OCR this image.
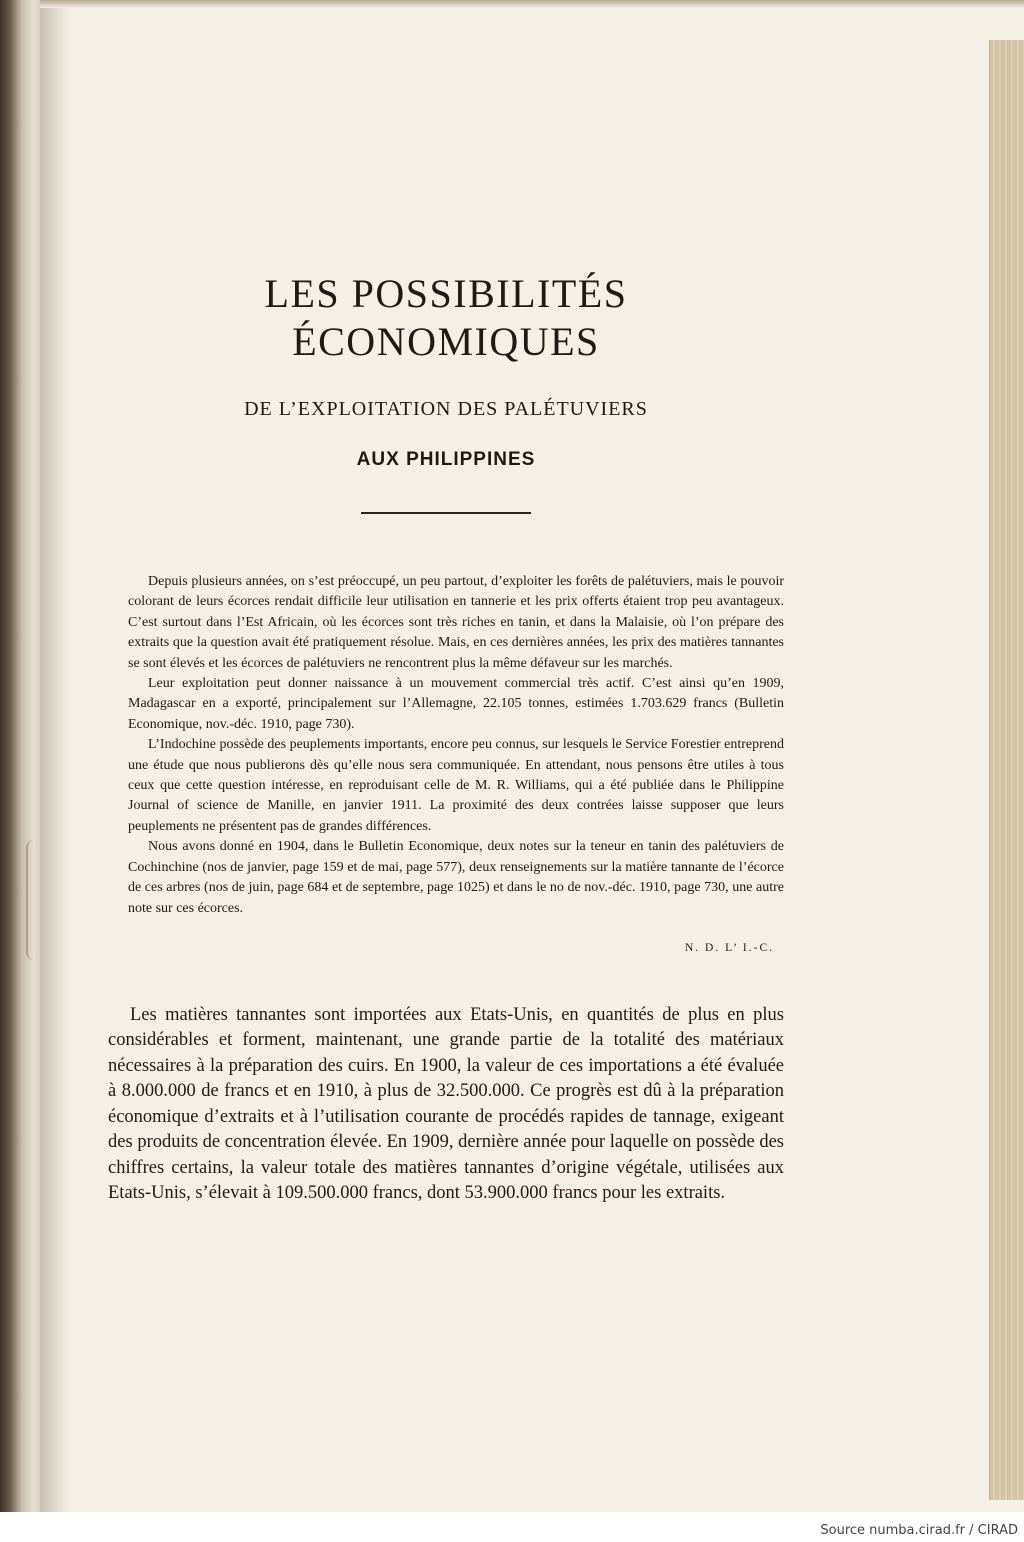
LES POSSIBILITÉS ÉCONOMIQUES
DE L’EXPLOITATION DES PALÉTUVIERS
AUX PHILIPPINES

Depuis plusieurs années, on s’est préoccupé, un peu partout, d’exploiter les forêts de palétuviers, mais le pouvoir colorant de leurs écorces rendait difficile leur utilisation en tannerie et les prix offerts étaient trop peu avantageux. C’est surtout dans l’Est Africain, où les écorces sont très riches en tanin, et dans la Malaisie, où l’on prépare des extraits que la question avait été pratiquement résolue. Mais, en ces dernières années, les prix des matières tannantes se sont élevés et les écorces de palétuviers ne rencontrent plus la même défaveur sur les marchés.

Leur exploitation peut donner naissance à un mouvement commercial très actif. C’est ainsi qu’en 1909, Madagascar en a exporté, principalement sur l’Allemagne, 22.105 tonnes, estimées 1.703.629 francs (Bulletin Economique, nov.-déc. 1910, page 730).

L’Indochine possède des peuplements importants, encore peu connus, sur lesquels le Service Forestier entreprend une étude que nous publierons dès qu’elle nous sera communiquée. En attendant, nous pensons être utiles à tous ceux que cette question intéresse, en reproduisant celle de M. R. Williams, qui a été publiée dans le Philippine Journal of science de Manille, en janvier 1911. La proximité des deux contrées laisse supposer que leurs peuplements ne présentent pas de grandes différences.

Nous avons donné en 1904, dans le Bulletin Economique, deux notes sur la teneur en tanin des palétuviers de Cochinchine (nos de janvier, page 159 et de mai, page 577), deux renseignements sur la matière tannante de l’écorce de ces arbres (nos de juin, page 684 et de septembre, page 1025) et dans le no de nov.-déc. 1910, page 730, une autre note sur ces écorces.

N. D. L’ I.-C.

Les matières tannantes sont importées aux Etats-Unis, en quantités de plus en plus considérables et forment, maintenant, une grande partie de la totalité des matériaux nécessaires à la préparation des cuirs. En 1900, la valeur de ces importations a été évaluée à 8.000.000 de francs et en 1910, à plus de 32.500.000. Ce progrès est dû à la préparation économique d’extraits et à l’utilisation courante de procédés rapides de tannage, exigeant des produits de concentration élevée. En 1909, dernière année pour laquelle on possède des chiffres certains, la valeur totale des matières tannantes d’origine végétale, utilisées aux Etats-Unis, s’élevait à 109.500.000 francs, dont 53.900.000 francs pour les extraits.

Source numba.cirad.fr / CIRAD
